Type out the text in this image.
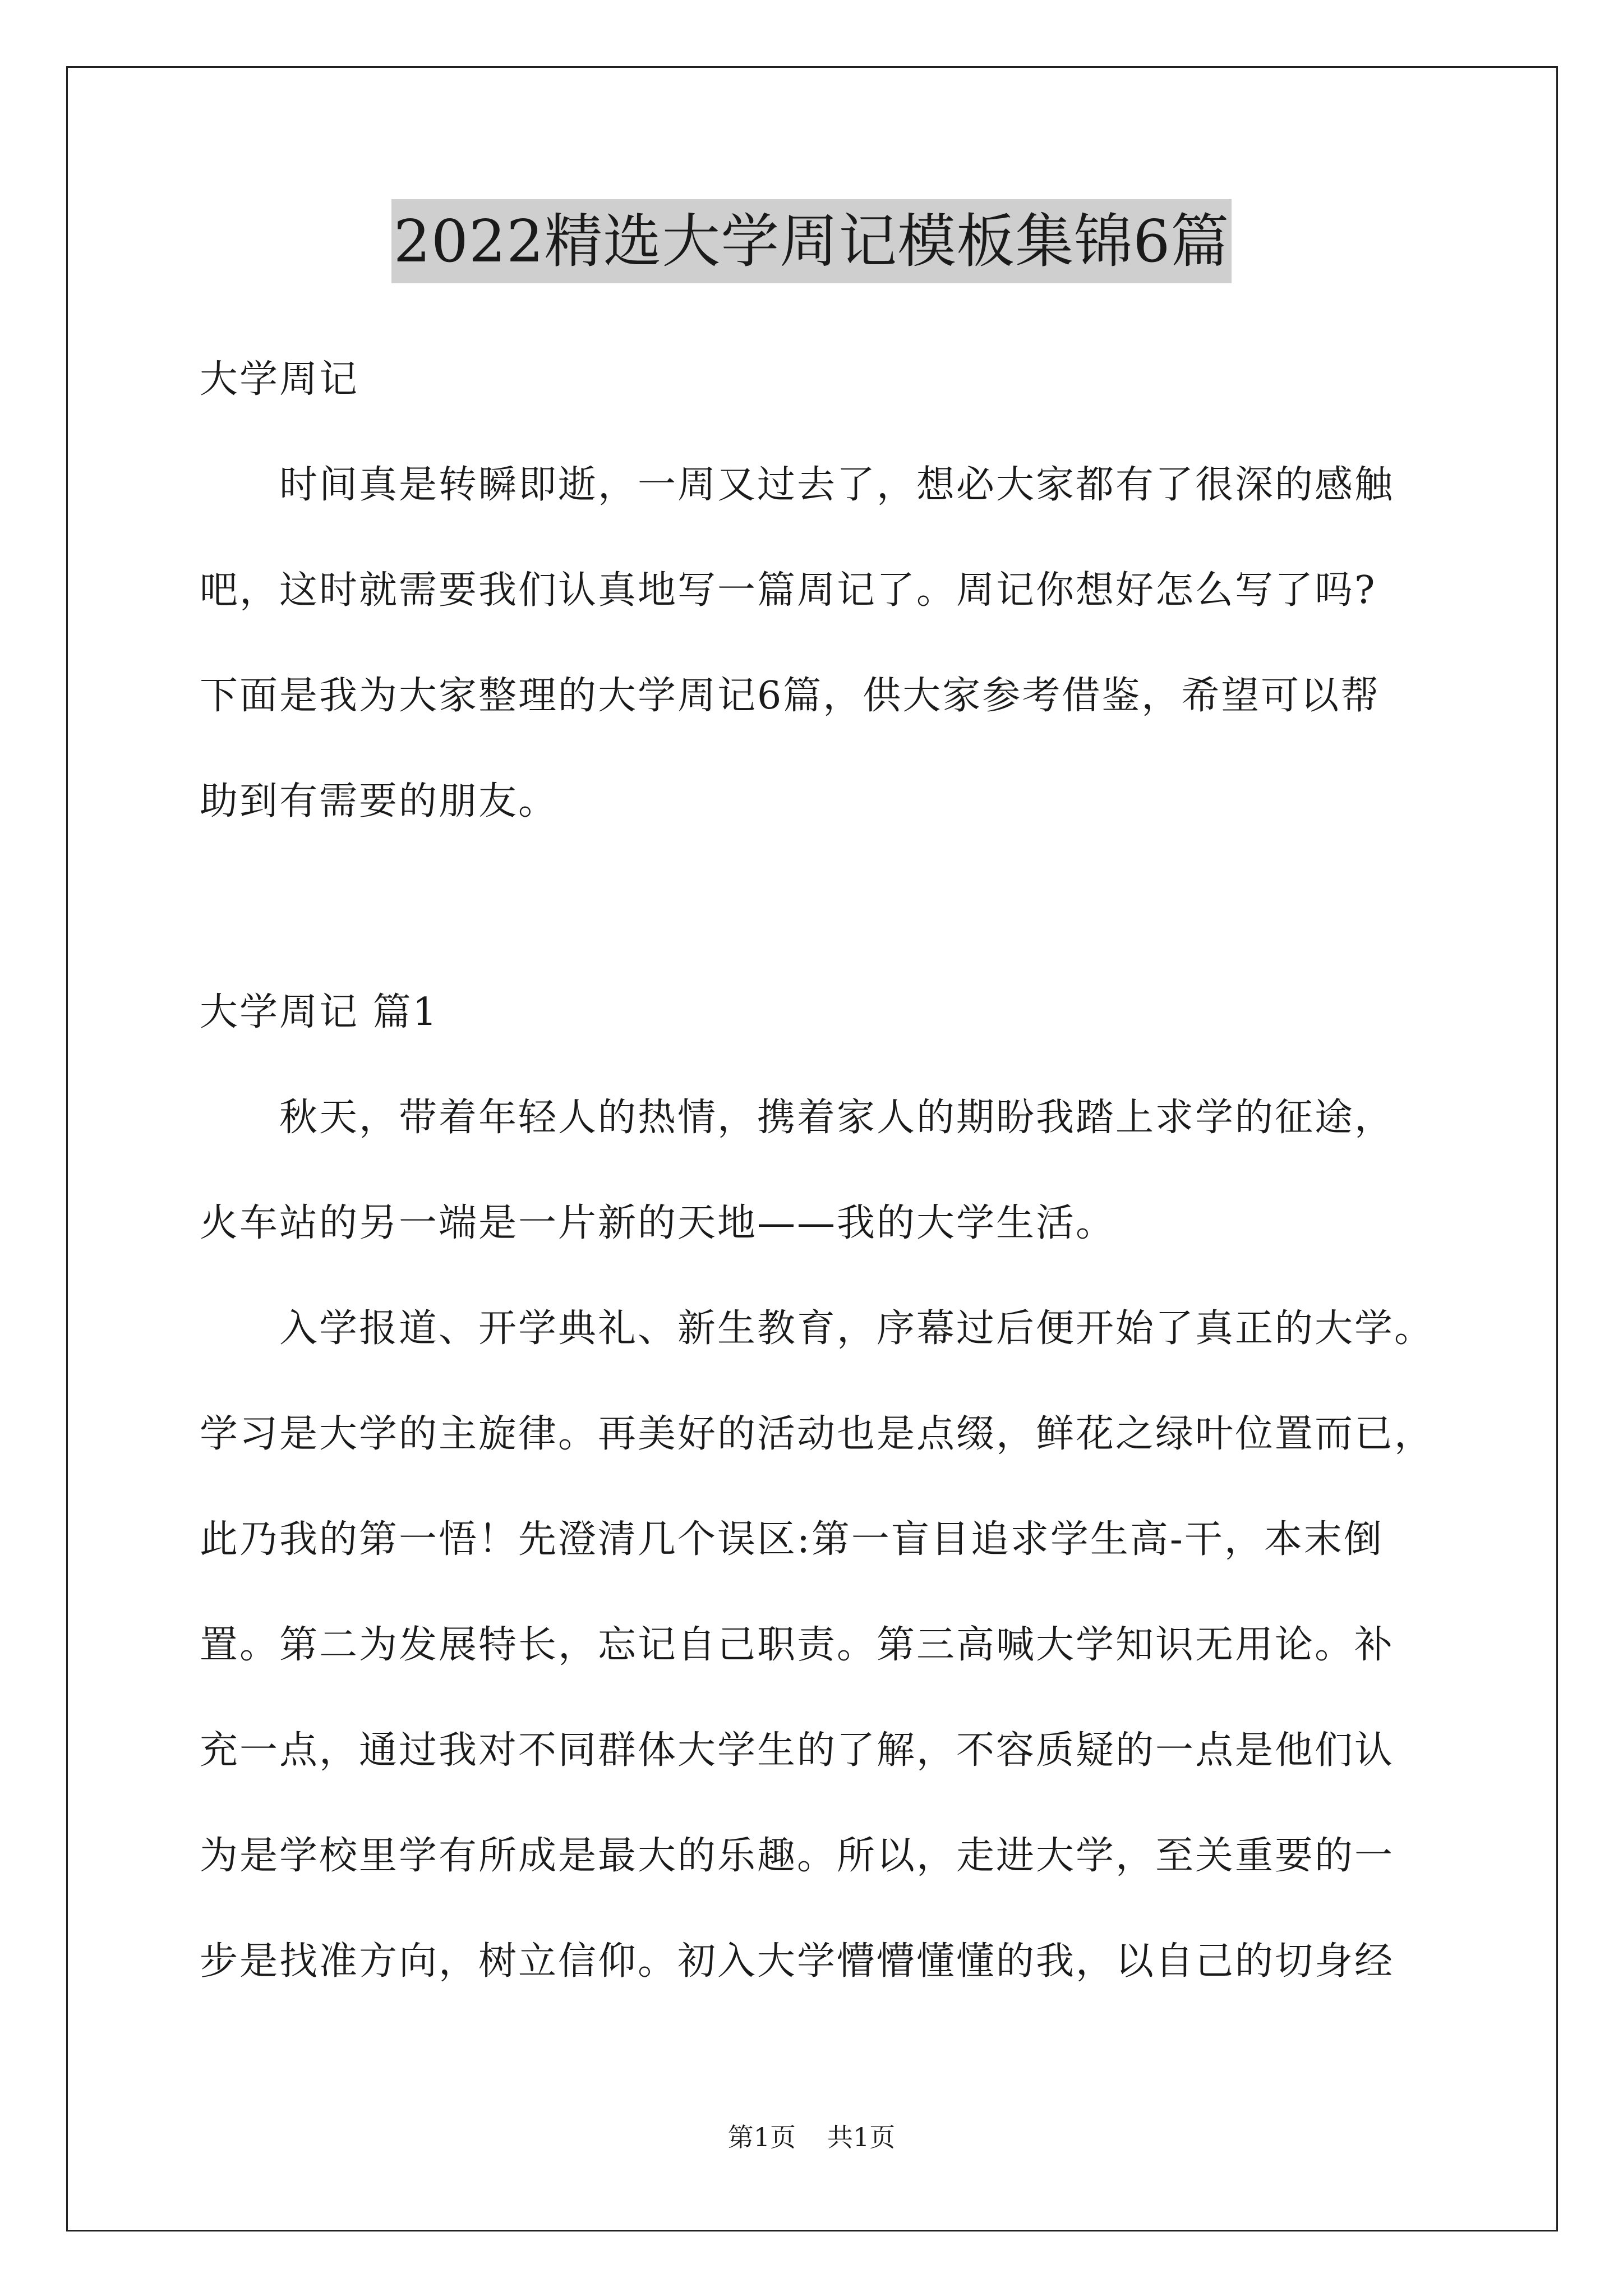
2022精选大学周记模板集锦6篇
大学周记
时间真是转瞬即逝，一周又过去了，想必大家都有了很深的感触
吧，这时就需要我们认真地写一篇周记了。周记你想好怎么写了吗?
下面是我为大家整理的大学周记6篇，供大家参考借鉴，希望可以帮
助到有需要的朋友。
大学周记 篇1
秋天，带着年轻人的热情，携着家人的期盼我踏上求学的征途，
火车站的另一端是一片新的天地——我的大学生活。
入学报道、开学典礼、新生教育，序幕过后便开始了真正的大学。
学习是大学的主旋律。再美好的活动也是点缀，鲜花之绿叶位置而已，
此乃我的第一悟！先澄清几个误区:第一盲目追求学生高-干，本末倒
置。第二为发展特长，忘记自己职责。第三高喊大学知识无用论。补
充一点，通过我对不同群体大学生的了解，不容质疑的一点是他们认
为是学校里学有所成是最大的乐趣。所以，走进大学，至关重要的一
步是找准方向，树立信仰。初入大学懵懵懂懂的我，以自己的切身经
第1页 共1页
